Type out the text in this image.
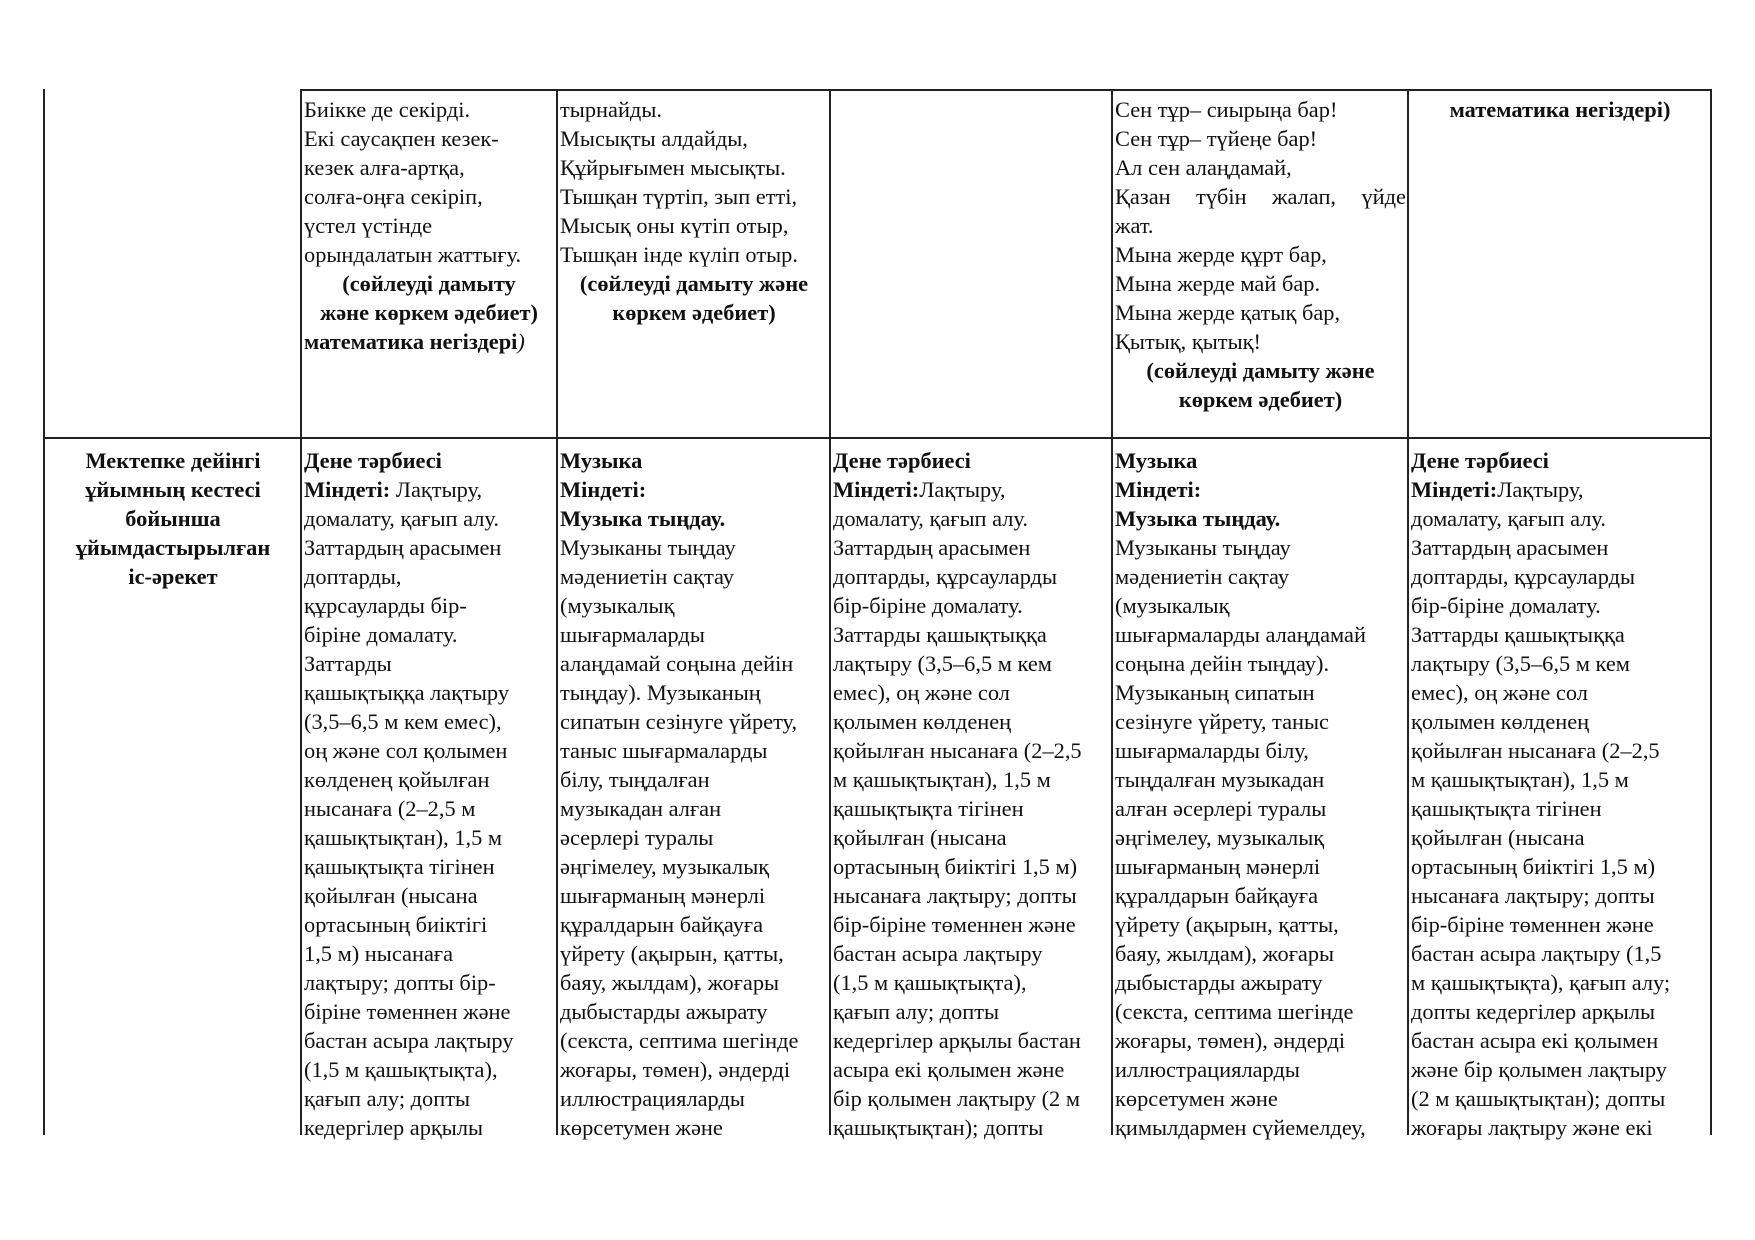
Биікке де секірді.
Екі саусақпен кезек-
кезек алға-артқа,
солға-оңға секіріп,
үстел үстінде
орындалатын жаттығу.
(сөйлеуді дамыту
және көркем әдебиет)
математика негіздері)
тырнайды.
Мысықты алдайды,
Құйрығымен мысықты.
Тышқан түртіп, зып етті,
Мысық оны күтіп отыр,
Тышқан інде күліп отыр.
(сөйлеуді дамыту және
көркем әдебиет)
Сен тұр– сиырыңа бар!
Сен тұр– түйеңе бар!
Ал сен алаңдамай,
Қазан түбін жалап, үйде
жат.
Мына жерде құрт бар,
Мына жерде май бар.
Мына жерде қатық бар,
Қытық, қытық!
(сөйлеуді дамыту және
көркем әдебиет)
математика негіздері)
Мектепке дейінгі
ұйымның кестесі
бойынша
ұйымдастырылған
іс-әрекет
Дене тәрбиесі
Міндеті: Лақтыру,
домалату, қағып алу.
Заттардың арасымен
доптарды,
құрсауларды бір-
біріне домалату.
Заттарды
қашықтыққа лақтыру
(3,5–6,5 м кем емес),
оң және сол қолымен
көлденең қойылған
нысанаға (2–2,5 м
қашықтықтан), 1,5 м
қашықтықта тігінен
қойылған (нысана
ортасының биіктігі
1,5 м) нысанаға
лақтыру; допты бір-
біріне төменнен және
бастан асыра лақтыру
(1,5 м қашықтықта),
қағып алу; допты
кедергілер арқылы
Музыка
Міндеті:
Музыка тыңдау.
Музыканы тыңдау
мәдениетін сақтау
(музыкалық
шығармаларды
алаңдамай соңына дейін
тыңдау). Музыканың
сипатын сезінуге үйрету,
таныс шығармаларды
білу, тыңдалған
музыкадан алған
әсерлері туралы
әңгімелеу, музыкалық
шығарманың мәнерлі
құралдарын байқауға
үйрету (ақырын, қатты,
баяу, жылдам), жоғары
дыбыстарды ажырату
(секста, септима шегінде
жоғары, төмен), әндерді
иллюстрацияларды
көрсетумен және
Дене тәрбиесі
Міндеті:Лақтыру,
домалату, қағып алу.
Заттардың арасымен
доптарды, құрсауларды
бір-біріне домалату.
Заттарды қашықтыққа
лақтыру (3,5–6,5 м кем
емес), оң және сол
қолымен көлденең
қойылған нысанаға (2–2,5
м қашықтықтан), 1,5 м
қашықтықта тігінен
қойылған (нысана
ортасының биіктігі 1,5 м)
нысанаға лақтыру; допты
бір-біріне төменнен және
бастан асыра лақтыру
(1,5 м қашықтықта),
қағып алу; допты
кедергілер арқылы бастан
асыра екі қолымен және
бір қолымен лақтыру (2 м
қашықтықтан); допты
Музыка
Міндеті:
Музыка тыңдау.
Музыканы тыңдау
мәдениетін сақтау
(музыкалық
шығармаларды алаңдамай
соңына дейін тыңдау).
Музыканың сипатын
сезінуге үйрету, таныс
шығармаларды білу,
тыңдалған музыкадан
алған әсерлері туралы
әңгімелеу, музыкалық
шығарманың мәнерлі
құралдарын байқауға
үйрету (ақырын, қатты,
баяу, жылдам), жоғары
дыбыстарды ажырату
(секста, септима шегінде
жоғары, төмен), әндерді
иллюстрацияларды
көрсетумен және
қимылдармен сүйемелдеу,
Дене тәрбиесі
Міндеті:Лақтыру,
домалату, қағып алу.
Заттардың арасымен
доптарды, құрсауларды
бір-біріне домалату.
Заттарды қашықтыққа
лақтыру (3,5–6,5 м кем
емес), оң және сол
қолымен көлденең
қойылған нысанаға (2–2,5
м қашықтықтан), 1,5 м
қашықтықта тігінен
қойылған (нысана
ортасының биіктігі 1,5 м)
нысанаға лақтыру; допты
бір-біріне төменнен және
бастан асыра лақтыру (1,5
м қашықтықта), қағып алу;
допты кедергілер арқылы
бастан асыра екі қолымен
және бір қолымен лақтыру
(2 м қашықтықтан); допты
жоғары лақтыру және екі
